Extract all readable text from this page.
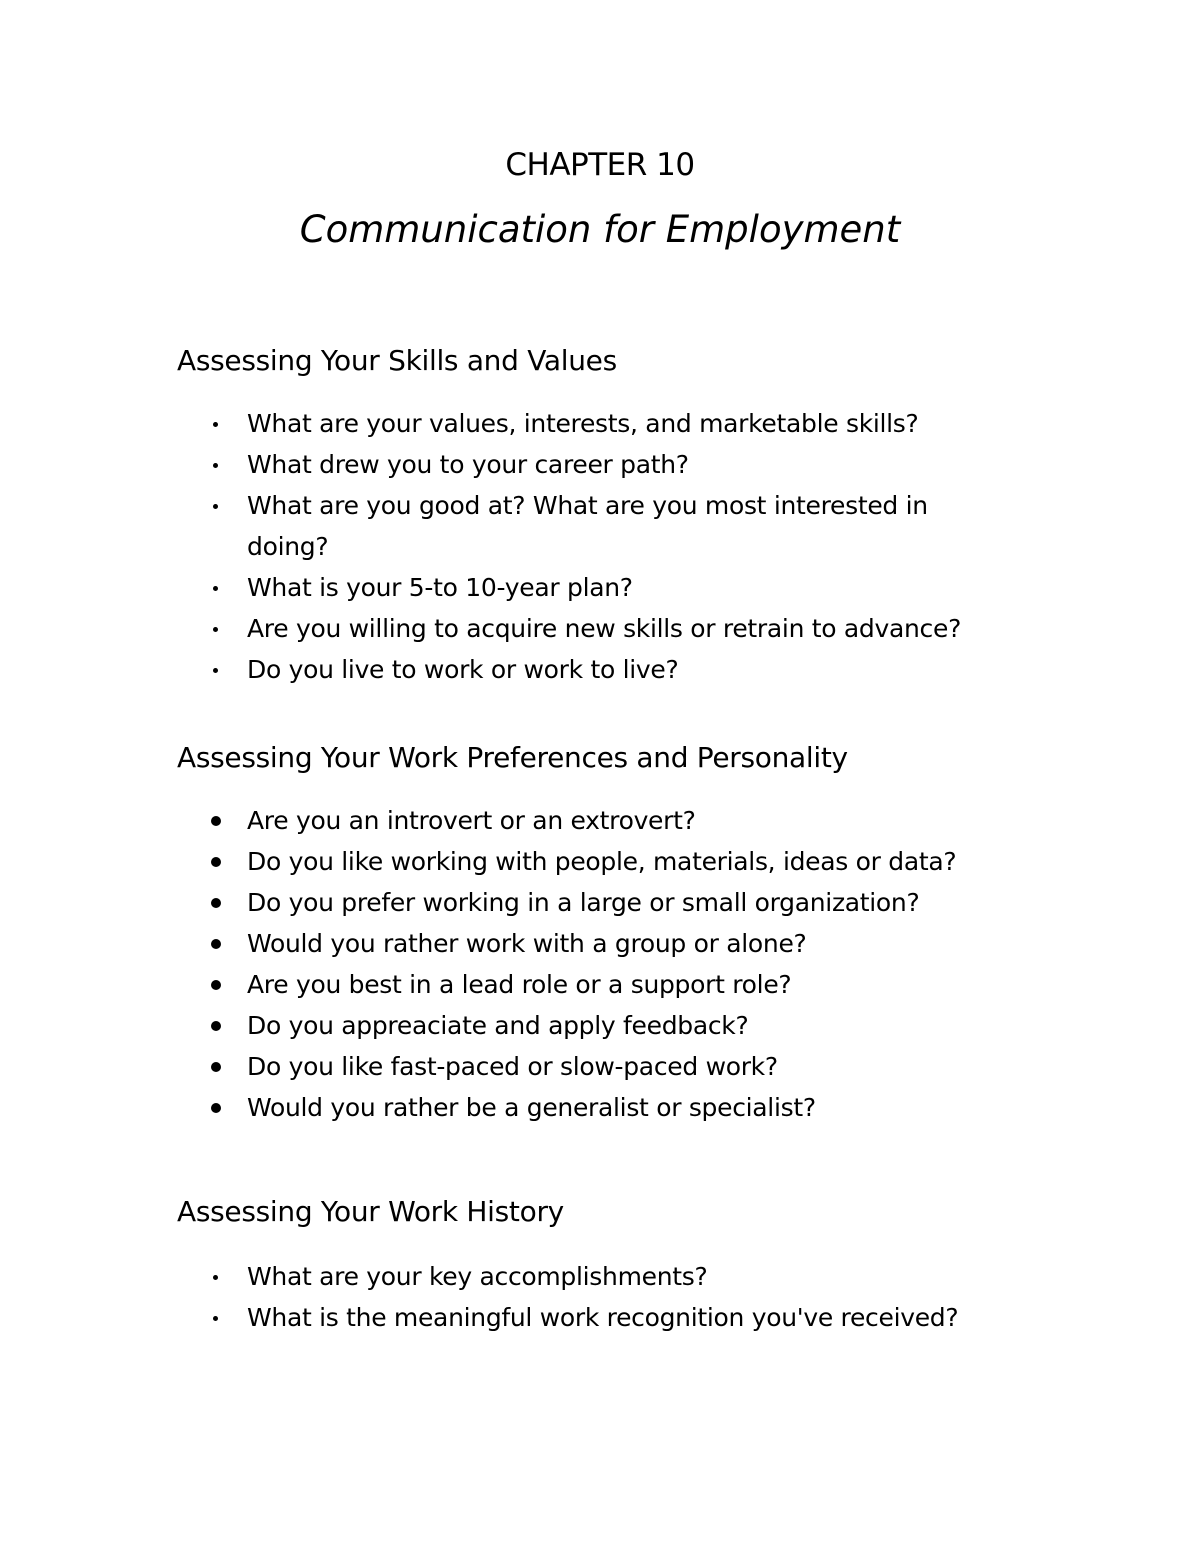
CHAPTER 10
Communication for Employment
Assessing Your Skills and Values
What are your values, interests, and marketable skills?
What drew you to your career path?
What are you good at? What are you most interested in doing?
What is your 5-to 10-year plan?
Are you willing to acquire new skills or retrain to advance?
Do you live to work or work to live?
Assessing Your Work Preferences and Personality
Are you an introvert or an extrovert?
Do you like working with people, materials, ideas or data?
Do you prefer working in a large or small organization?
Would you rather work with a group or alone?
Are you best in a lead role or a support role?
Do you appreaciate and apply feedback?
Do you like fast-paced or slow-paced work?
Would you rather be a generalist or specialist?
Assessing Your Work History
What are your key accomplishments?
What is the meaningful work recognition you've received?
